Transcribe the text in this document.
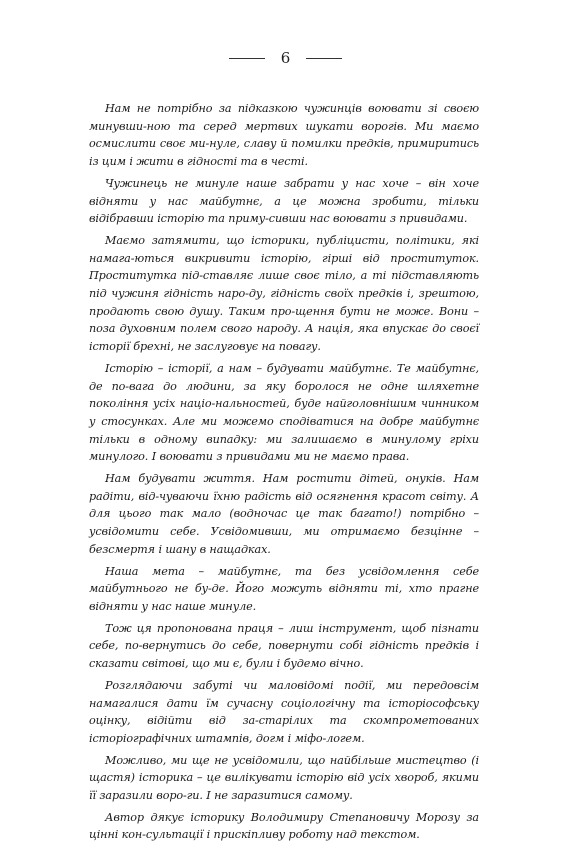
6

Нам не потрібно за підказкою чужинців воювати зі своєю минувши-ною та серед мертвих шукати ворогів. Ми маємо осмислити своє ми-нуле, славу й помилки предків, примиритись із цим і жити в гідності та в честі.

Чужинець не минуле наше забрати у нас хоче – він хоче відняти у нас майбутнє, а це можна зробити, тільки відібравши історію та приму-сивши нас воювати з привидами.

Маємо затямити, що історики, публіцисти, політики, які намага-ються викривити історію, гірші від проституток. Проститутка під-ставляє лише своє тіло, а ті підставляють під чужиня гідність наро-ду, гідність своїх предків і, зрештою, продають свою душу. Таким про-щення бути не може. Вони – поза духовним полем свого народу. А нація, яка впускає до своєї історії брехні, не заслуговує на повагу.

Історію – історії, а нам – будувати майбутнє. Те майбутнє, де по-вага до людини, за яку боролося не одне шляхетне покоління усіх націо-нальностей, буде найголовнішим чинником у стосунках. Але ми можемо сподіватися на добре майбутнє тільки в одному випадку: ми залишаємо в минулому гріхи минулого. І воювати з привидами ми не маємо права.

Нам будувати життя. Нам ростити дітей, онуків. Нам радіти, від-чуваючи їхню радість від осягнення красот світу. А для цього так мало (водночас це так багато!) потрібно – усвідомити себе. Усвідомивши, ми отримаємо безцінне – безсмертя і шану в нащадках.

Наша мета – майбутнє, та без усвідомлення себе майбутнього не бу-де. Його можуть відняти ті, хто прагне відняти у нас наше минуле.

Тож ця пропонована праця – лиш інструмент, щоб пізнати себе, по-вернутись до себе, повернути собі гідність предків і сказати світові, що ми є, були і будемо вічно.

Розглядаючи забуті чи маловідомі події, ми передовсім намагалися дати їм сучасну соціологічну та історіософську оцінку, відійти від за-старілих та скомпрометованих історіографічних штампів, догм і міфо-логем.

Можливо, ми ще не усвідомили, що найбільше мистецтво (і щастя) історика – це вилікувати історію від усіх хвороб, якими її заразили воро-ги. І не заразитися самому.

Автор дякує історику Володимиру Степановичу Морозу за цінні кон-сультації і прискіпливу роботу над текстом.
